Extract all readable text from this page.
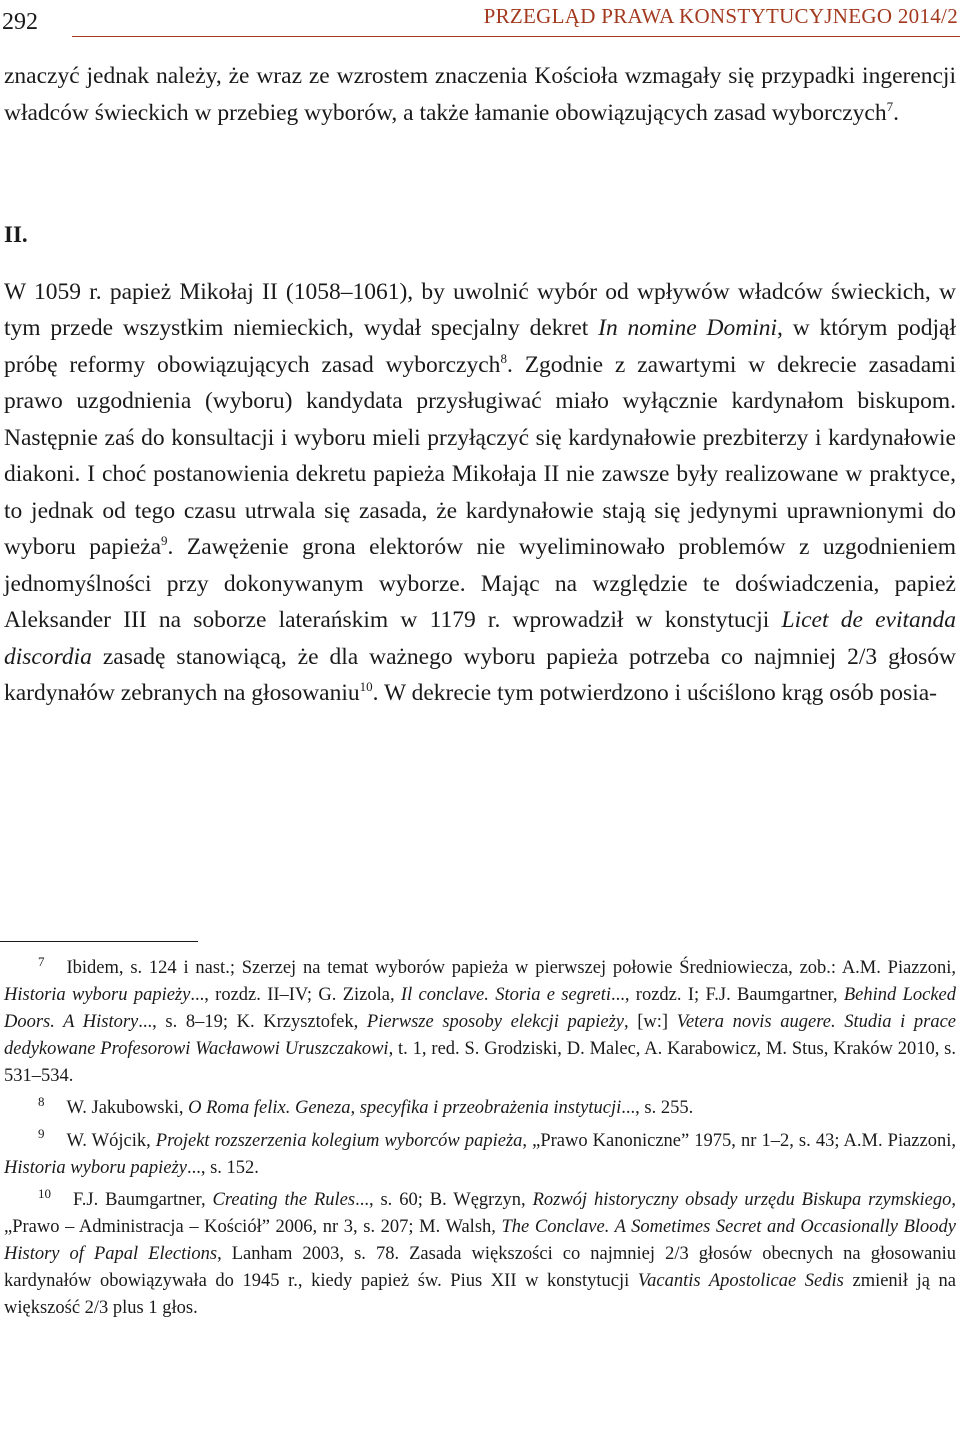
292	PRZEGLĄD PRAWA KONSTYTUCYJNEGO 2014/2

znaczyć jednak należy, że wraz ze wzrostem znaczenia Kościoła wzmagały się przypadki ingerencji władców świeckich w przebieg wyborów, a także łamanie obowiązujących zasad wyborczych$^7$.

II.

W 1059 r. papież Mikołaj II (1058–1061), by uwolnić wybór od wpływów władców świeckich, w tym przede wszystkim niemieckich, wydał specjalny dekret In nomine Domini, w którym podjął próbę reformy obowiązujących zasad wyborczych$^8$. Zgodnie z zawartymi w dekrecie zasadami prawo uzgodnienia (wyboru) kandydata przysługiwać miało wyłącznie kardynałom biskupom. Następnie zaś do konsultacji i wyboru mieli przyłączyć się kardynałowie prezbiterzy i kardynałowie diakoni. I choć postanowienia dekretu papieża Mikołaja II nie zawsze były realizowane w praktyce, to jednak od tego czasu utrwala się zasada, że kardynałowie stają się jedynymi uprawnionymi do wyboru papieża$^9$. Zawężenie grona elektorów nie wyeliminowało problemów z uzgodnieniem jednomyślności przy dokonywanym wyborze. Mając na względzie te doświadczenia, papież Aleksander III na soborze laterańskim w 1179 r. wprowadził w konstytucji Licet de evitanda discordia zasadę stanowiącą, że dla ważnego wyboru papieża potrzeba co najmniej 2/3 głosów kardynałów zebranych na głosowaniu$^{10}$. W dekrecie tym potwierdzono i uściślono krąg osób posia-

$^7$ Ibidem, s. 124 i nast.; Szerzej na temat wyborów papieża w pierwszej połowie Średniowiecza, zob.: A.M. Piazzoni, Historia wyboru papieży..., rozdz. II–IV; G. Zizola, Il conclave. Storia e segreti..., rozdz. I; F.J. Baumgartner, Behind Locked Doors. A History..., s. 8–19; K. Krzysztofek, Pierwsze sposoby elekcji papieży, [w:] Vetera novis augere. Studia i prace dedykowane Profesorowi Wacławowi Uruszczakowi, t. 1, red. S. Grodziski, D. Malec, A. Karabowicz, M. Stus, Kraków 2010, s. 531–534.

$^8$ W. Jakubowski, O Roma felix. Geneza, specyfika i przeobrażenia instytucji..., s. 255.

$^9$ W. Wójcik, Projekt rozszerzenia kolegium wyborców papieża, „Prawo Kanoniczne” 1975, nr 1–2, s. 43; A.M. Piazzoni, Historia wyboru papieży..., s. 152.

$^{10}$ F.J. Baumgartner, Creating the Rules..., s. 60; B. Węgrzyn, Rozwój historyczny obsady urzędu Biskupa rzymskiego, „Prawo – Administracja – Kościół” 2006, nr 3, s. 207; M. Walsh, The Conclave. A Sometimes Secret and Occasionally Bloody History of Papal Elections, Lanham 2003, s. 78. Zasada większości co najmniej 2/3 głosów obecnych na głosowaniu kardynałów obowiązywała do 1945 r., kiedy papież św. Pius XII w konstytucji Vacantis Apostolicae Sedis zmienił ją na większość 2/3 plus 1 głos.
